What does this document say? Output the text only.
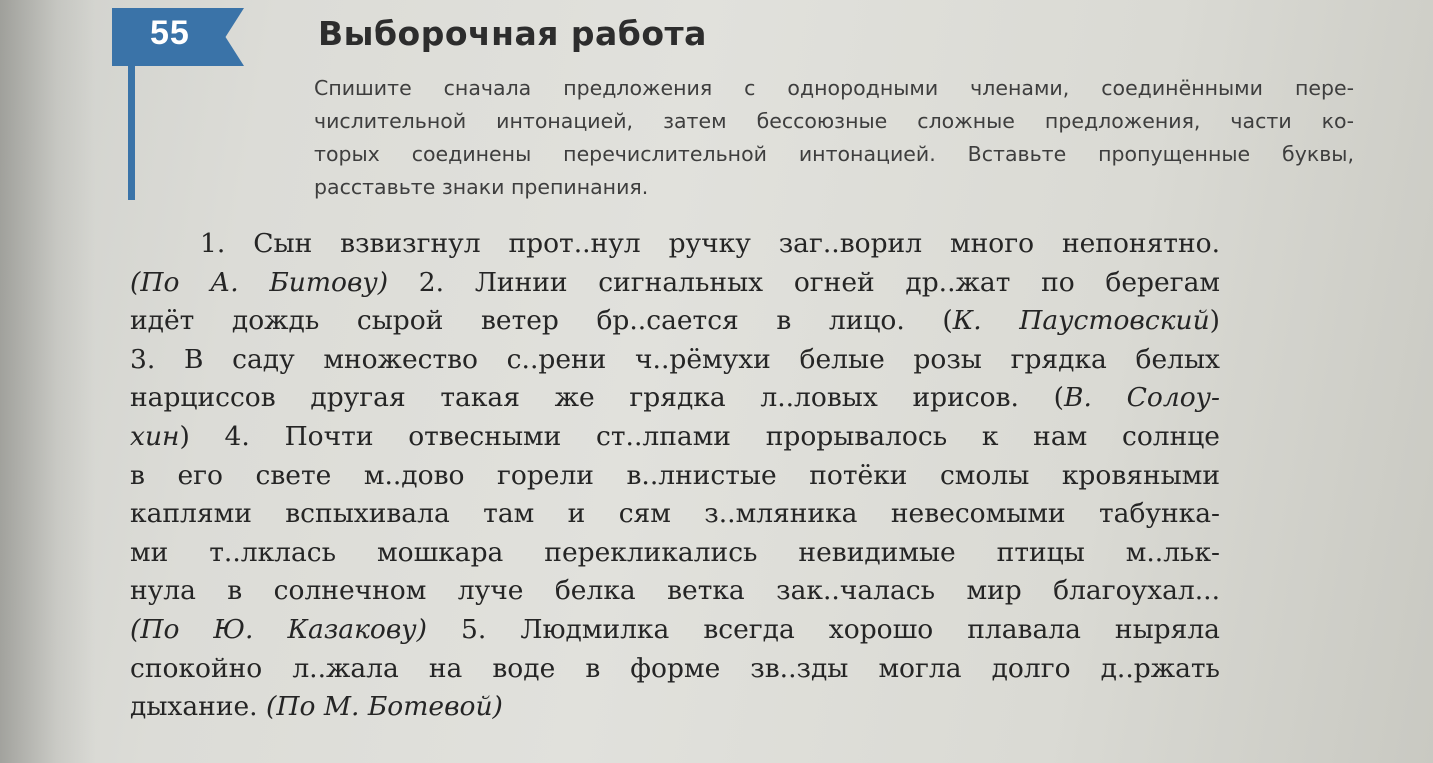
55	Выборочная работа
Спишите сначала предложения с однородными членами, соединёнными пере-
числительной интонацией, затем бессоюзные сложные предложения, части ко-
торых соединены перечислительной интонацией. Вставьте пропущенные буквы,
расставьте знаки препинания.
1. Сын взвизгнул прот..нул ручку заг..ворил много непонятно.
(По А. Битову) 2. Линии сигнальных огней др..жат по берегам
идёт дождь сырой ветер бр..сается в лицо. (К. Паустовский)
3. В саду множество с..рени ч..рёмухи белые розы грядка белых
нарциссов другая такая же грядка л..ловых ирисов. (В. Солоу-
хин) 4. Почти отвесными ст..лпами прорывалось к нам солнце
в его свете м..дово горели в..лнистые потёки смолы кровяными
каплями вспыхивала там и сям з..мляника невесомыми табунка-
ми т..лклась мошкара перекликались невидимые птицы м..льк-
нула в солнечном луче белка ветка зак..чалась мир благоухал...
(По Ю. Казакову) 5. Людмилка всегда хорошо плавала ныряла
спокойно л..жала на воде в форме зв..зды могла долго д..ржать
дыхание. (По М. Ботевой)
